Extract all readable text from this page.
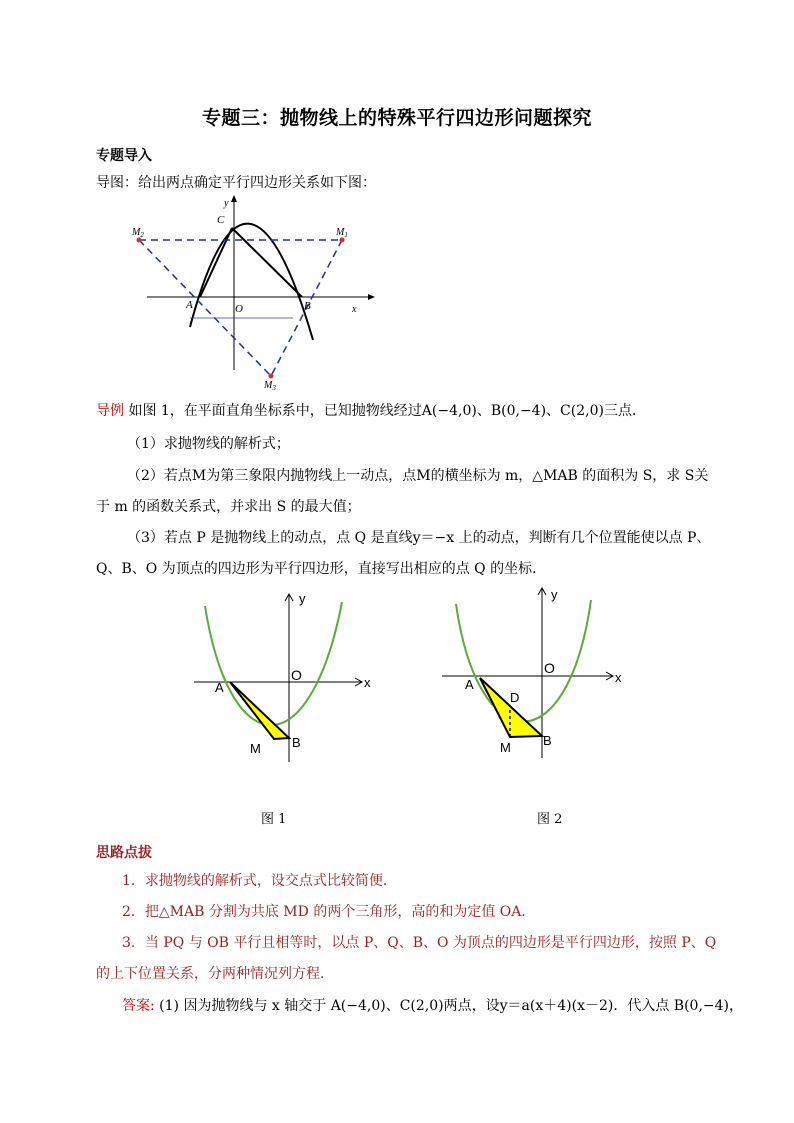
专题三：抛物线上的特殊平行四边形问题探究
专题导入
导图：给出两点确定平行四边形关系如下图：
y
x
C
A	O	B
$M_2$	$M_1$
$M_3$
导例 如图 1，在平面直角坐标系中，已知抛物线经过A(−4,0)、B(0,−4)、C(2,0)三点．
（1）求抛物线的解析式；
（2）若点M为第三象限内抛物线上一动点，点M的横坐标为 m，△MAB 的面积为 S，求 S关
于 m 的函数关系式，并求出 S 的最大值；
（3）若点 P 是抛物线上的动点，点 Q 是直线y＝−x 上的动点，判断有几个位置能使以点 P、
Q、B、O 为顶点的四边形为平行四边形，直接写出相应的点 Q 的坐标．
O
y
x
A
M B
图 1
O
y
x
A
D
M B
图 2
思路点拔
1．求抛物线的解析式，设交点式比较简便．
2．把△MAB 分割为共底 MD 的两个三角形，高的和为定值 OA．
3．当 PQ 与 OB 平行且相等时，以点 P、Q、B、O 为顶点的四边形是平行四边形，按照 P、Q
的上下位置关系，分两种情况列方程．
答案: (1) 因为抛物线与 x 轴交于 A(−4,0)、C(2,0)两点，设y＝a(x＋4)(x－2)．代入点 B(0,−4)，
